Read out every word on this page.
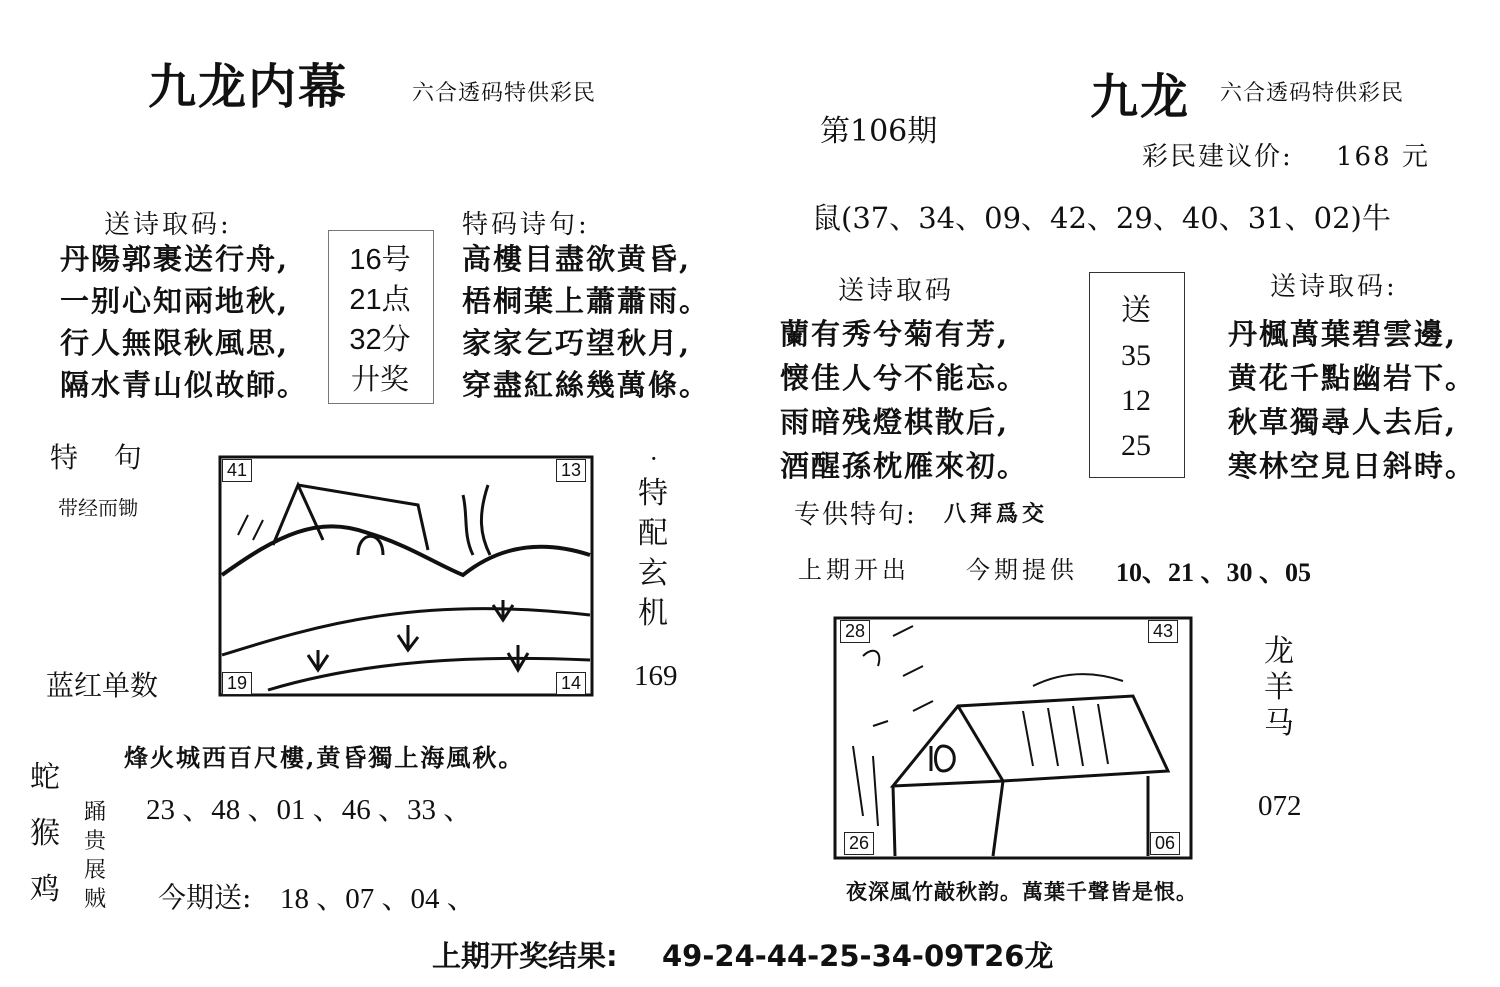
九龙内幕	六合透码特供彩民
送诗取码:
丹陽郭裹送行舟,
一别心知兩地秋,
行人無限秋風思,
隔水青山似故師。
16号
21点
32分
廾奖
特码诗句:
高樓目盡欲黄昏,
梧桐葉上蕭蕭雨。
家家乞巧望秋月,
穿盡紅絲幾萬條。
特  句
带经而锄
41	13
19	14
·
特
配
玄
机
169
蓝红单数
烽火城西百尺樓,黄昏獨上海風秋。
蛇
猴
鸡
踊
贵
展
贼
23 、48 、01 、46 、33 、
今期送: 18 、07 、04 、
第106期
九龙 六合透码特供彩民
彩民建议价: 168 元
鼠(37、34、09、42、29、40、31、02)牛
送诗取码
蘭有秀兮菊有芳,
懐佳人兮不能忘。
雨暗残燈棋散后,
酒醒孫枕雁來初。
送
35
12
25
送诗取码:
丹楓萬葉碧雲邊,
黄花千點幽岩下。
秋草獨尋人去后,
寒林空見日斜時。
专供特句: 八拜爲交
上期开出 今期提供 10、21 、30 、05
28	43
26	06
龙
羊
马
072
夜深風竹敲秋韵。萬葉千聲皆是恨。
上期开奖结果: 49-24-44-25-34-09T26龙
